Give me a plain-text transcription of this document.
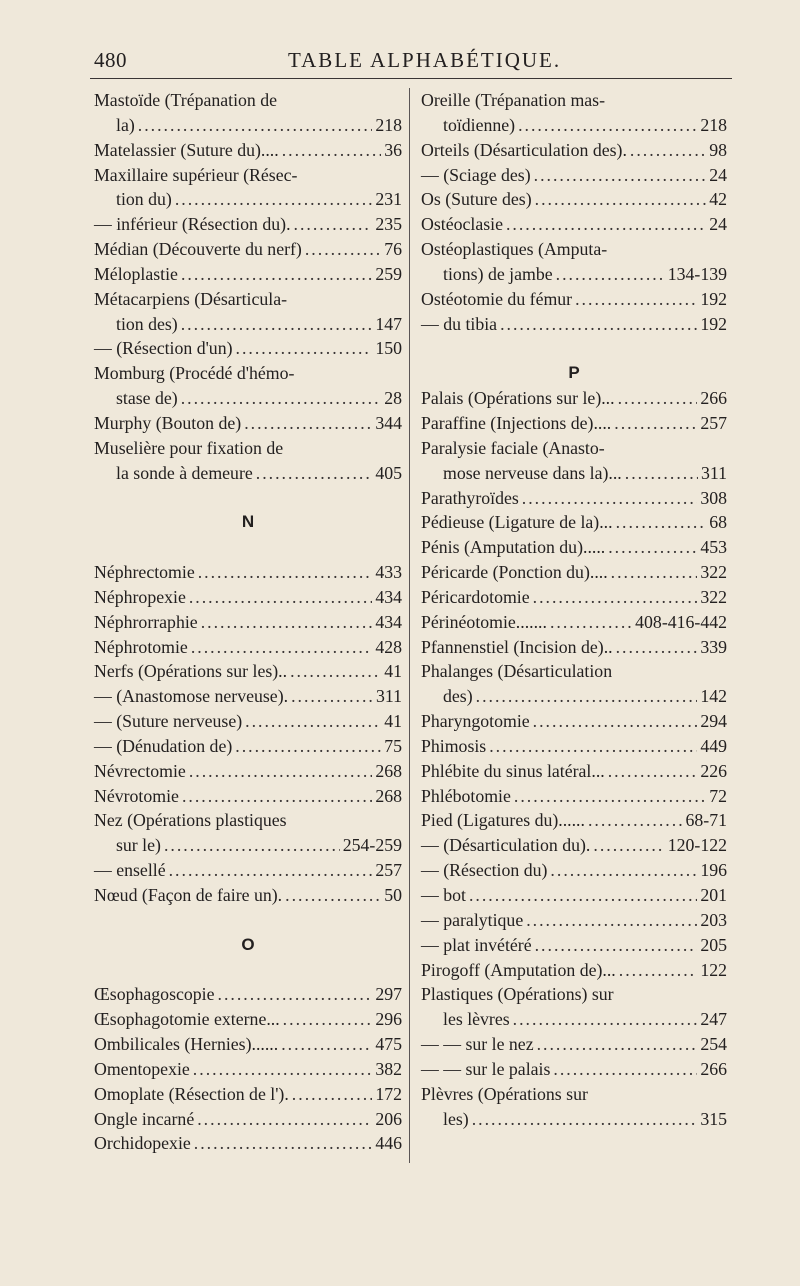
480	TABLE ALPHABÉTIQUE.
Mastoïde (Trépanation de
la) .....	218
Matelassier (Suture du).... .....	36
Maxillaire supérieur (Résec-
tion du) .....	231
— inférieur (Résection du). .....	235
Médian (Découverte du nerf) .....	76
Méloplastie .....	259
Métacarpiens (Désarticula-
tion des) .....	147
— (Résection d'un) .....	150
Momburg (Procédé d'hémo-
stase de) .....	28
Murphy (Bouton de) .....	344
Muselière pour fixation de
la sonde à demeure .....	405
N
Néphrectomie .....	433
Néphropexie .....	434
Néphrorraphie .....	434
Néphrotomie .....	428
Nerfs (Opérations sur les).. .....	41
— (Anastomose nerveuse). .....	311
— (Suture nerveuse) .....	41
— (Dénudation de) .....	75
Névrectomie .....	268
Névrotomie .....	268
Nez (Opérations plastiques
sur le) .....	254-259
— ensellé .....	257
Nœud (Façon de faire un). .....	50
O
Œsophagoscopie .....	297
Œsophagotomie externe... .....	296
Ombilicales (Hernies)...... .....	475
Omentopexie .....	382
Omoplate (Résection de l'). .....	172
Ongle incarné .....	206
Orchidopexie .....	446
Oreille (Trépanation mas-
toïdienne) .....	218
Orteils (Désarticulation des). .....	98
— (Sciage des) .....	24
Os (Suture des) .....	42
Ostéoclasie .....	24
Ostéoplastiques (Amputa-
tions) de jambe .....	134-139
Ostéotomie du fémur .....	192
— du tibia .....	192
P
Palais (Opérations sur le)... .....	266
Paraffine (Injections de).... .....	257
Paralysie faciale (Anasto-
mose nerveuse dans la)... .....	311
Parathyroïdes .....	308
Pédieuse (Ligature de la)... .....	68
Pénis (Amputation du)..... .....	453
Péricarde (Ponction du).... .....	322
Péricardotomie .....	322
Périnéotomie....... .....	408-416-442
Pfannenstiel (Incision de).. .....	339
Phalanges (Désarticulation
des) .....	142
Pharyngotomie .....	294
Phimosis .....	449
Phlébite du sinus latéral... .....	226
Phlébotomie .....	72
Pied (Ligatures du)...... .....	68-71
— (Désarticulation du). .....	120-122
— (Résection du) .....	196
— bot .....	201
— paralytique .....	203
— plat invétéré .....	205
Pirogoff (Amputation de)... .....	122
Plastiques (Opérations) sur
les lèvres .....	247
— — sur le nez .....	254
— — sur le palais .....	266
Plèvres (Opérations sur
les) .....	315
